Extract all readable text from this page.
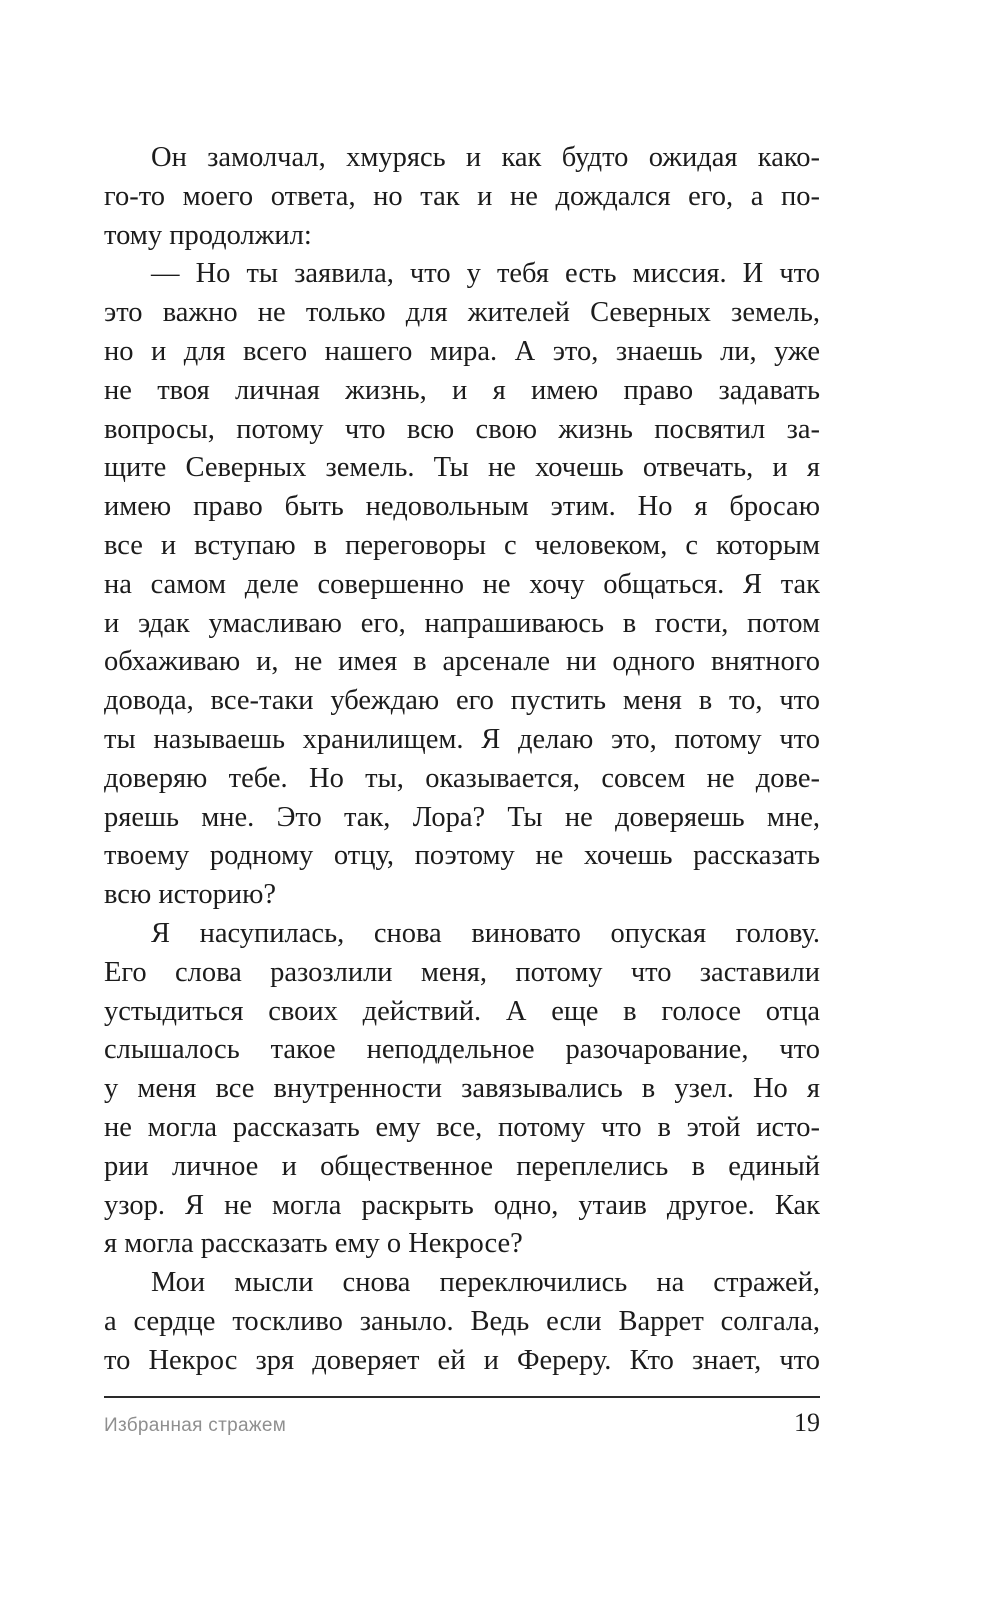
Он замолчал, хмурясь и как будто ожидая како-
го-то моего ответа, но так и не дождался его, а по-
тому продолжил:
— Но ты заявила, что у тебя есть миссия. И что
это важно не только для жителей Северных земель,
но и для всего нашего мира. А это, знаешь ли, уже
не твоя личная жизнь, и я имею право задавать
вопросы, потому что всю свою жизнь посвятил за-
щите Северных земель. Ты не хочешь отвечать, и я
имею право быть недовольным этим. Но я бросаю
все и вступаю в переговоры с человеком, с которым
на самом деле совершенно не хочу общаться. Я так
и эдак умасливаю его, напрашиваюсь в гости, потом
обхаживаю и, не имея в арсенале ни одного внятного
довода, все-таки убеждаю его пустить меня в то, что
ты называешь хранилищем. Я делаю это, потому что
доверяю тебе. Но ты, оказывается, совсем не дове-
ряешь мне. Это так, Лора? Ты не доверяешь мне,
твоему родному отцу, поэтому не хочешь рассказать
всю историю?
Я насупилась, снова виновато опуская голову.
Его слова разозлили меня, потому что заставили
устыдиться своих действий. А еще в голосе отца
слышалось такое неподдельное разочарование, что
у меня все внутренности завязывались в узел. Но я
не могла рассказать ему все, потому что в этой исто-
рии личное и общественное переплелись в единый
узор. Я не могла раскрыть одно, утаив другое. Как
я могла рассказать ему о Некросе?
Мои мысли снова переключились на стражей,
а сердце тоскливо заныло. Ведь если Варрет солгала,
то Некрос зря доверяет ей и Фереру. Кто знает, что
Избранная стражем	19
